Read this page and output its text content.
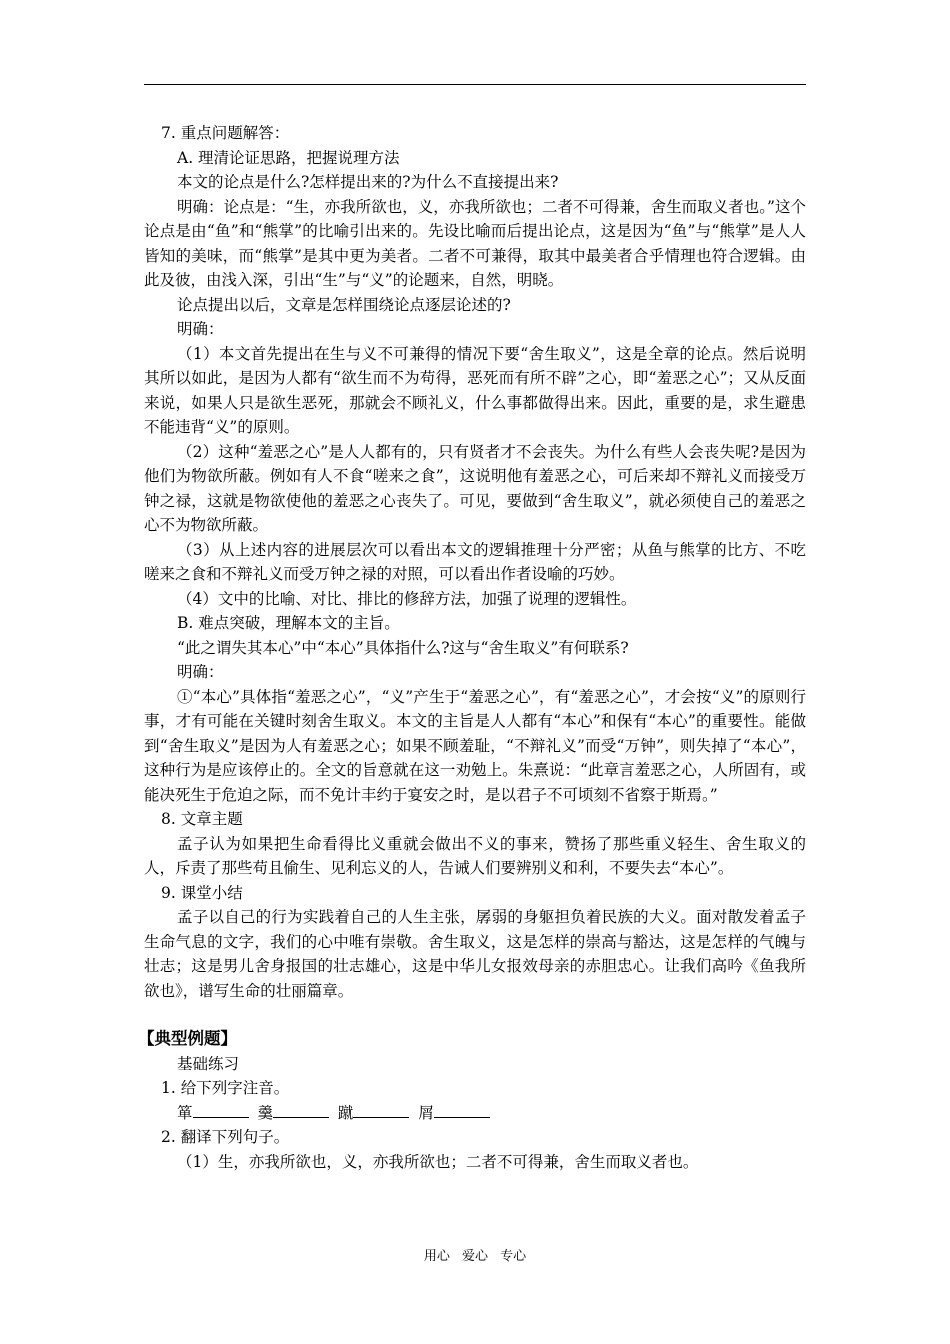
7. 重点问题解答：

A. 理清论证思路，把握说理方法

本文的论点是什么?怎样提出来的?为什么不直接提出来?

明确：论点是：“生，亦我所欲也，义，亦我所欲也；二者不可得兼，舍生而取义者也。”这个论点是由“鱼”和“熊掌”的比喻引出来的。先设比喻而后提出论点，这是因为“鱼”与“熊掌”是人人皆知的美味，而“熊掌”是其中更为美者。二者不可兼得，取其中最美者合乎情理也符合逻辑。由此及彼，由浅入深，引出“生”与“义”的论题来，自然，明晓。

论点提出以后，文章是怎样围绕论点逐层论述的?

明确：

（1）本文首先提出在生与义不可兼得的情况下要“舍生取义”，这是全章的论点。然后说明其所以如此，是因为人都有“欲生而不为苟得，恶死而有所不辟”之心，即“羞恶之心”；又从反面来说，如果人只是欲生恶死，那就会不顾礼义，什么事都做得出来。因此，重要的是，求生避患不能违背“义”的原则。

（2）这种“羞恶之心”是人人都有的，只有贤者才不会丧失。为什么有些人会丧失呢?是因为他们为物欲所蔽。例如有人不食“嗟来之食”，这说明他有羞恶之心，可后来却不辩礼义而接受万钟之禄，这就是物欲使他的羞恶之心丧失了。可见，要做到“舍生取义”，就必须使自己的羞恶之心不为物欲所蔽。

（3）从上述内容的进展层次可以看出本文的逻辑推理十分严密；从鱼与熊掌的比方、不吃嗟来之食和不辩礼义而受万钟之禄的对照，可以看出作者设喻的巧妙。

（4）文中的比喻、对比、排比的修辞方法，加强了说理的逻辑性。

B. 难点突破，理解本文的主旨。

“此之谓失其本心”中“本心”具体指什么?这与“舍生取义”有何联系?

明确：

①“本心”具体指“羞恶之心”，“义”产生于“羞恶之心”，有“羞恶之心”，才会按“义”的原则行事，才有可能在关键时刻舍生取义。本文的主旨是人人都有“本心”和保有“本心”的重要性。能做到“舍生取义”是因为人有羞恶之心；如果不顾羞耻，“不辩礼义”而受“万钟”，则失掉了“本心”，这种行为是应该停止的。全文的旨意就在这一劝勉上。朱熹说：“此章言羞恶之心，人所固有，或能决死生于危迫之际，而不免计丰约于宴安之时，是以君子不可顷刻不省察于斯焉。”

8. 文章主题

孟子认为如果把生命看得比义重就会做出不义的事来，赞扬了那些重义轻生、舍生取义的人，斥责了那些苟且偷生、见利忘义的人，告诫人们要辨别义和利，不要失去“本心”。

9. 课堂小结

孟子以自己的行为实践着自己的人生主张，孱弱的身躯担负着民族的大义。面对散发着孟子生命气息的文字，我们的心中唯有崇敬。舍生取义，这是怎样的崇高与豁达，这是怎样的气魄与壮志；这是男儿舍身报国的壮志雄心，这是中华儿女报效母亲的赤胆忠心。让我们高吟《鱼我所欲也》，谱写生命的壮丽篇章。

【典型例题】

基础练习

1. 给下列字注音。

箪	羹	蹴	屑

2. 翻译下列句子。

（1）生，亦我所欲也，义，亦我所欲也；二者不可得兼，舍生而取义者也。

用心 爱心 专心
